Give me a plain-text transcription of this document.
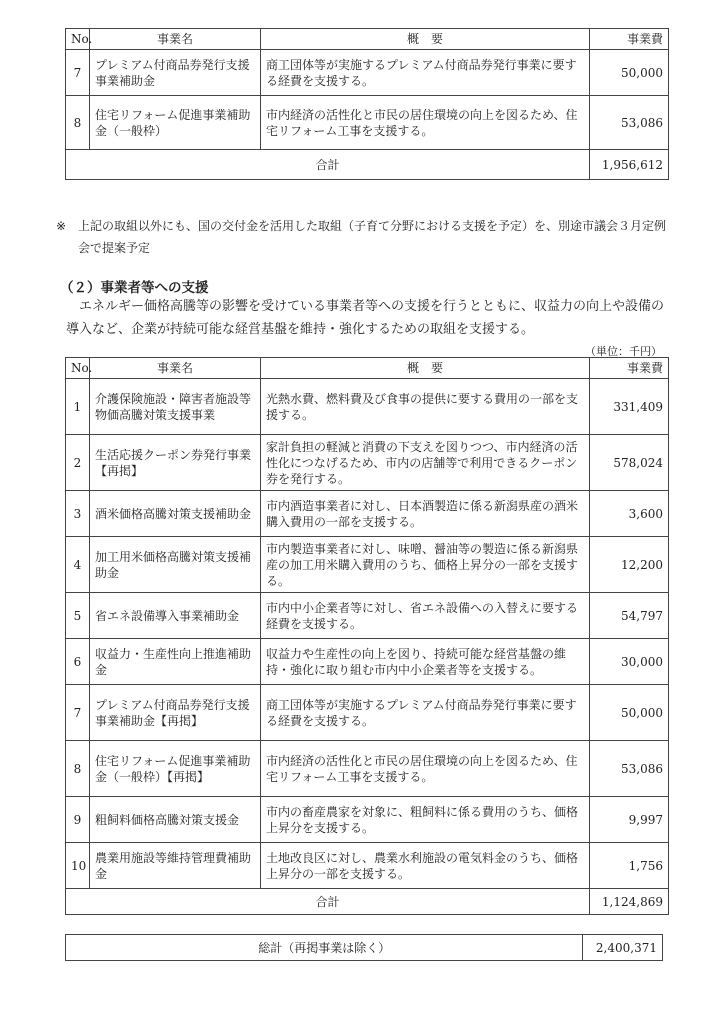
No.	事業名	概　要	事業費
7	プレミアム付商品券発行支援事業補助金	商工団体等が実施するプレミアム付商品券発行事業に要する経費を支援する。	50,000
8	住宅リフォーム促進事業補助金（一般枠）	市内経済の活性化と市民の居住環境の向上を図るため、住宅リフォーム工事を支援する。	53,086
合計			1,956,612
※ 上記の取組以外にも、国の交付金を活用した取組（子育て分野における支援を予定）を、別途市議会３月定例会で提案予定
（２）事業者等への支援
エネルギー価格高騰等の影響を受けている事業者等への支援を行うとともに、収益力の向上や設備の導入など、企業が持続可能な経営基盤を維持・強化するための取組を支援する。
（単位：千円）
No.	事業名	概　要	事業費
1	介護保険施設・障害者施設等物価高騰対策支援事業	光熱水費、燃料費及び食事の提供に要する費用の一部を支援する。	331,409
2	生活応援クーポン券発行事業【再掲】	家計負担の軽減と消費の下支えを図りつつ、市内経済の活性化につなげるため、市内の店舗等で利用できるクーポン券を発行する。	578,024
3	酒米価格高騰対策支援補助金	市内酒造事業者に対し、日本酒製造に係る新潟県産の酒米購入費用の一部を支援する。	3,600
4	加工用米価格高騰対策支援補助金	市内製造事業者に対し、味噌、醤油等の製造に係る新潟県産の加工用米購入費用のうち、価格上昇分の一部を支援する。	12,200
5	省エネ設備導入事業補助金	市内中小企業者等に対し、省エネ設備への入替えに要する経費を支援する。	54,797
6	収益力・生産性向上推進補助金	収益力や生産性の向上を図り、持続可能な経営基盤の維持・強化に取り組む市内中小企業者等を支援する。	30,000
7	プレミアム付商品券発行支援事業補助金【再掲】	商工団体等が実施するプレミアム付商品券発行事業に要する経費を支援する。	50,000
8	住宅リフォーム促進事業補助金（一般枠）【再掲】	市内経済の活性化と市民の居住環境の向上を図るため、住宅リフォーム工事を支援する。	53,086
9	粗飼料価格高騰対策支援金	市内の畜産農家を対象に、粗飼料に係る費用のうち、価格上昇分を支援する。	9,997
10	農業用施設等維持管理費補助金	土地改良区に対し、農業水利施設の電気料金のうち、価格上昇分の一部を支援する。	1,756
合計			1,124,869
総計（再掲事業は除く）	2,400,371
